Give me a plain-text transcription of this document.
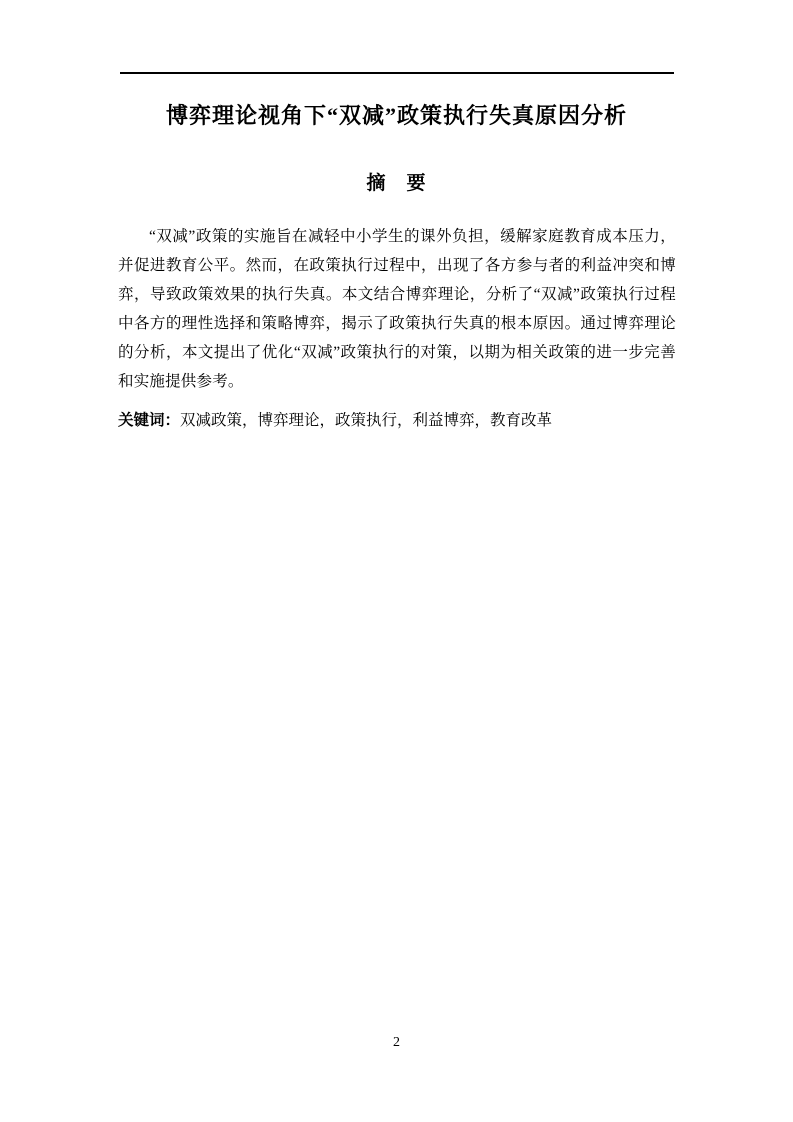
博弈理论视角下“双减”政策执行失真原因分析
摘　要

“双减”政策的实施旨在减轻中小学生的课外负担，缓解家庭教育成本压力，并促进教育公平。然而，在政策执行过程中，出现了各方参与者的利益冲突和博弈，导致政策效果的执行失真。本文结合博弈理论，分析了“双减”政策执行过程中各方的理性选择和策略博弈，揭示了政策执行失真的根本原因。通过博弈理论的分析，本文提出了优化“双减”政策执行的对策，以期为相关政策的进一步完善和实施提供参考。

关键词：双减政策，博弈理论，政策执行，利益博弈，教育改革

2
